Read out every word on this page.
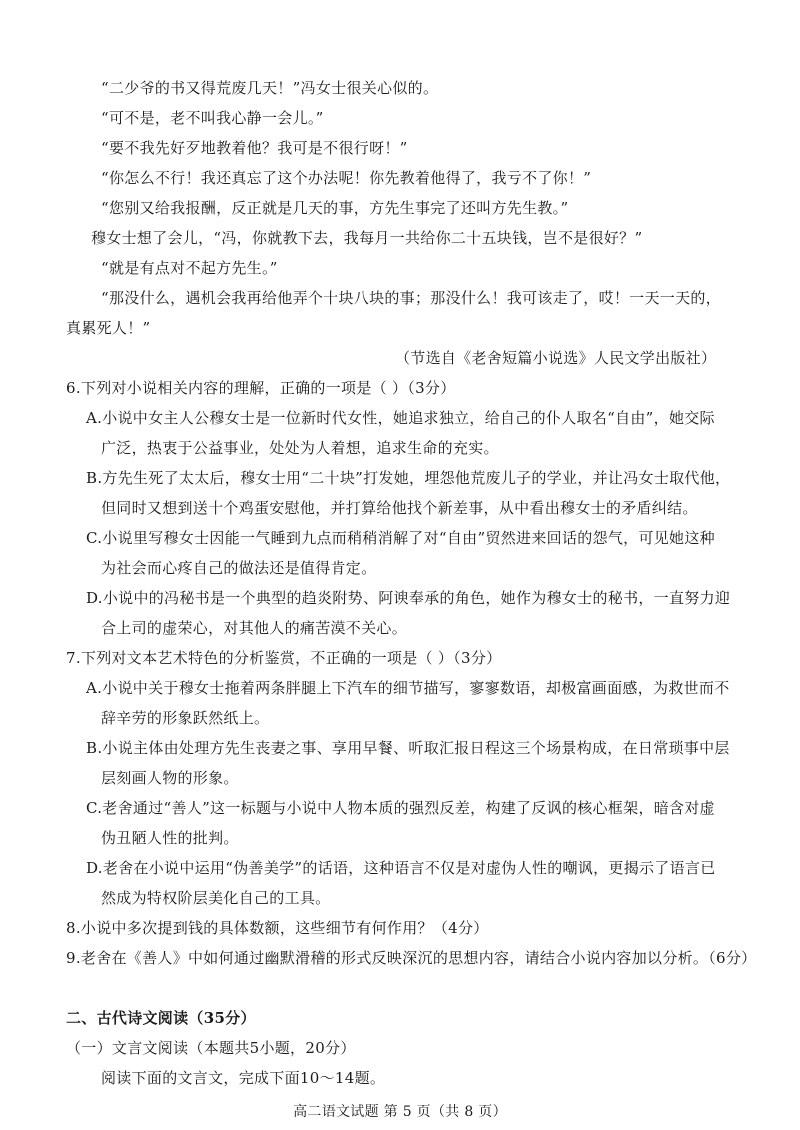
“二少爷的书又得荒废几天！”冯女士很关心似的。
“可不是，老不叫我心静一会儿。”
“要不我先好歹地教着他？我可是不很行呀！”
“你怎么不行！我还真忘了这个办法呢！你先教着他得了，我亏不了你！”
“您别又给我报酬，反正就是几天的事，方先生事完了还叫方先生教。”
穆女士想了会儿，“冯，你就教下去，我每月一共给你二十五块钱，岂不是很好？”
“就是有点对不起方先生。”
“那没什么，遇机会我再给他弄个十块八块的事；那没什么！我可该走了，哎！一天一天的，
真累死人！”
（节选自《老舍短篇小说选》人民文学出版社）
6.下列对小说相关内容的理解，正确的一项是（ ）（3分）
A.小说中女主人公穆女士是一位新时代女性，她追求独立，给自己的仆人取名“自由”，她交际
广泛，热衷于公益事业，处处为人着想，追求生命的充实。
B.方先生死了太太后，穆女士用“二十块”打发她，埋怨他荒废儿子的学业，并让冯女士取代他，
但同时又想到送十个鸡蛋安慰他，并打算给他找个新差事，从中看出穆女士的矛盾纠结。
C.小说里写穆女士因能一气睡到九点而稍稍消解了对“自由”贸然进来回话的怨气，可见她这种
为社会而心疼自己的做法还是值得肯定。
D.小说中的冯秘书是一个典型的趋炎附势、阿谀奉承的角色，她作为穆女士的秘书，一直努力迎
合上司的虚荣心，对其他人的痛苦漠不关心。
7.下列对文本艺术特色的分析鉴赏，不正确的一项是（ ）（3分）
A.小说中关于穆女士拖着两条胖腿上下汽车的细节描写，寥寥数语，却极富画面感，为救世而不
辞辛劳的形象跃然纸上。
B.小说主体由处理方先生丧妻之事、享用早餐、听取汇报日程这三个场景构成，在日常琐事中层
层刻画人物的形象。
C.老舍通过“善人”这一标题与小说中人物本质的强烈反差，构建了反讽的核心框架，暗含对虚
伪丑陋人性的批判。
D.老舍在小说中运用“伪善美学”的话语，这种语言不仅是对虚伪人性的嘲讽，更揭示了语言已
然成为特权阶层美化自己的工具。
8.小说中多次提到钱的具体数额，这些细节有何作用？（4分）
9.老舍在《善人》中如何通过幽默滑稽的形式反映深沉的思想内容，请结合小说内容加以分析。（6分）
二、古代诗文阅读（35分）
（一）文言文阅读（本题共5小题，20分）
阅读下面的文言文，完成下面10～14题。
高二语文试题 第 5 页（共 8 页）
